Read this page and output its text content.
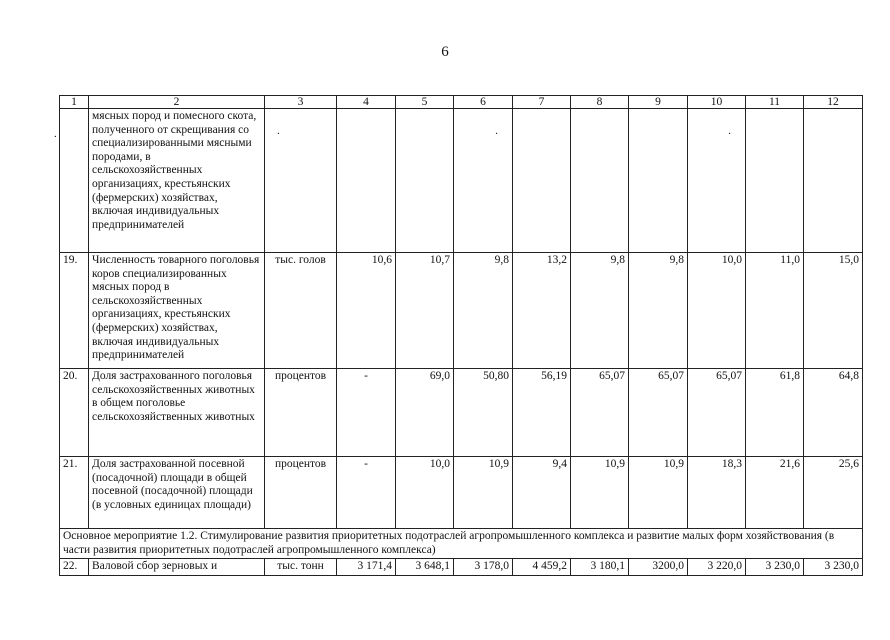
6
1	2	3	4	5	6	7	8	9	10	11	12
	мясных пород и помесного скота, полученного от скрещивания со специализированными мясными породами, в сельскохозяйственных организациях, крестьянских (фермерских) хозяйствах, включая индивидуальных предпринимателей	.			.				.		
19.	Численность товарного поголовья коров специализированных мясных пород в сельскохозяйственных организациях, крестьянских (фермерских) хозяйствах, включая индивидуальных предпринимателей	тыс. голов	10,6	10,7	9,8	13,2	9,8	9,8	10,0	11,0	15,0
20.	Доля застрахованного поголовья сельскохозяйственных животных в общем поголовье сельскохозяйственных животных	процентов	-	69,0	50,80	56,19	65,07	65,07	65,07	61,8	64,8
21.	Доля застрахованной посевной (посадочной) площади в общей посевной (посадочной) площади (в условных единицах площади)	процентов	-	10,0	10,9	9,4	10,9	10,9	18,3	21,6	25,6
Основное мероприятие 1.2. Стимулирование развития приоритетных подотраслей агропромышленного комплекса и развитие малых форм хозяйствования (в части развития приоритетных подотраслей агропромышленного комплекса)											
22.	Валовой сбор зерновых и	тыс. тонн	3 171,4	3 648,1	3 178,0	4 459,2	3 180,1	3200,0	3 220,0	3 230,0	3 230,0
.
